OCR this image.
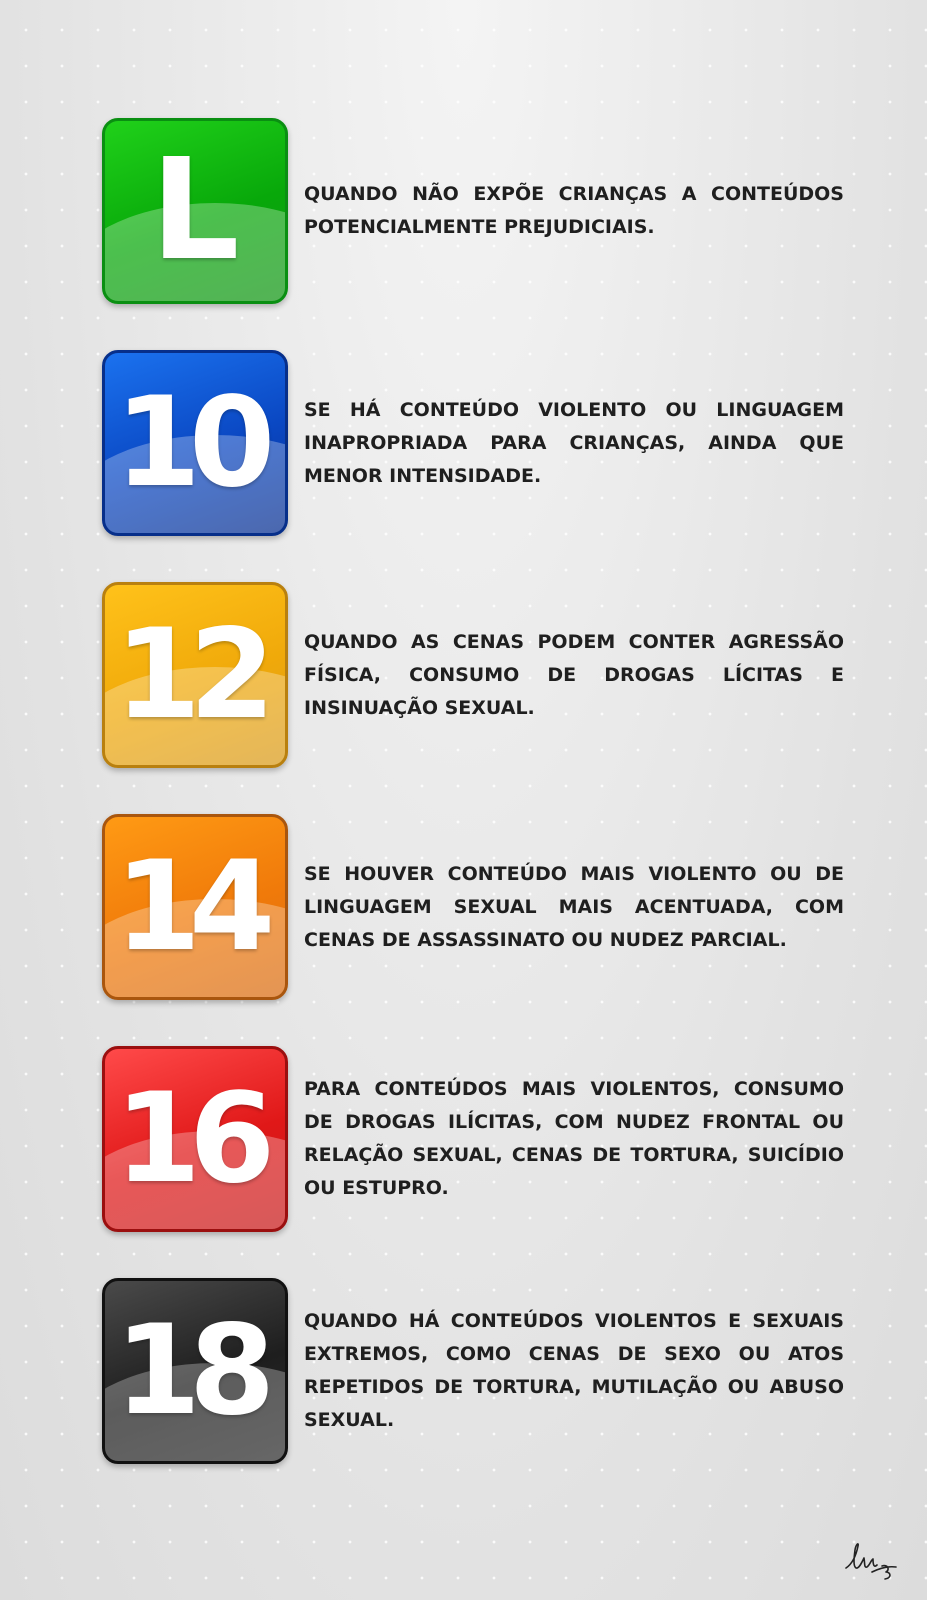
L	QUANDO NÃO EXPÕE CRIANÇAS A CONTEÚDOS POTENCIALMENTE PREJUDICIAIS.

10	SE HÁ CONTEÚDO VIOLENTO OU LINGUAGEM INAPROPRIADA PARA CRIANÇAS, AINDA QUE MENOR INTENSIDADE.

12	QUANDO AS CENAS PODEM CONTER AGRESSÃO FÍSICA, CONSUMO DE DROGAS LÍCITAS E INSINUAÇÃO SEXUAL.

14	SE HOUVER CONTEÚDO MAIS VIOLENTO OU DE LINGUAGEM SEXUAL MAIS ACENTUADA, COM CENAS DE ASSASSINATO OU NUDEZ PARCIAL.

16	PARA CONTEÚDOS MAIS VIOLENTOS, CONSUMO DE DROGAS ILÍCITAS, COM NUDEZ FRONTAL OU RELAÇÃO SEXUAL, CENAS DE TORTURA, SUICÍDIO OU ESTUPRO.

18	QUANDO HÁ CONTEÚDOS VIOLENTOS E SEXUAIS EXTREMOS, COMO CENAS DE SEXO OU ATOS REPETIDOS DE TORTURA, MUTILAÇÃO OU ABUSO SEXUAL.
